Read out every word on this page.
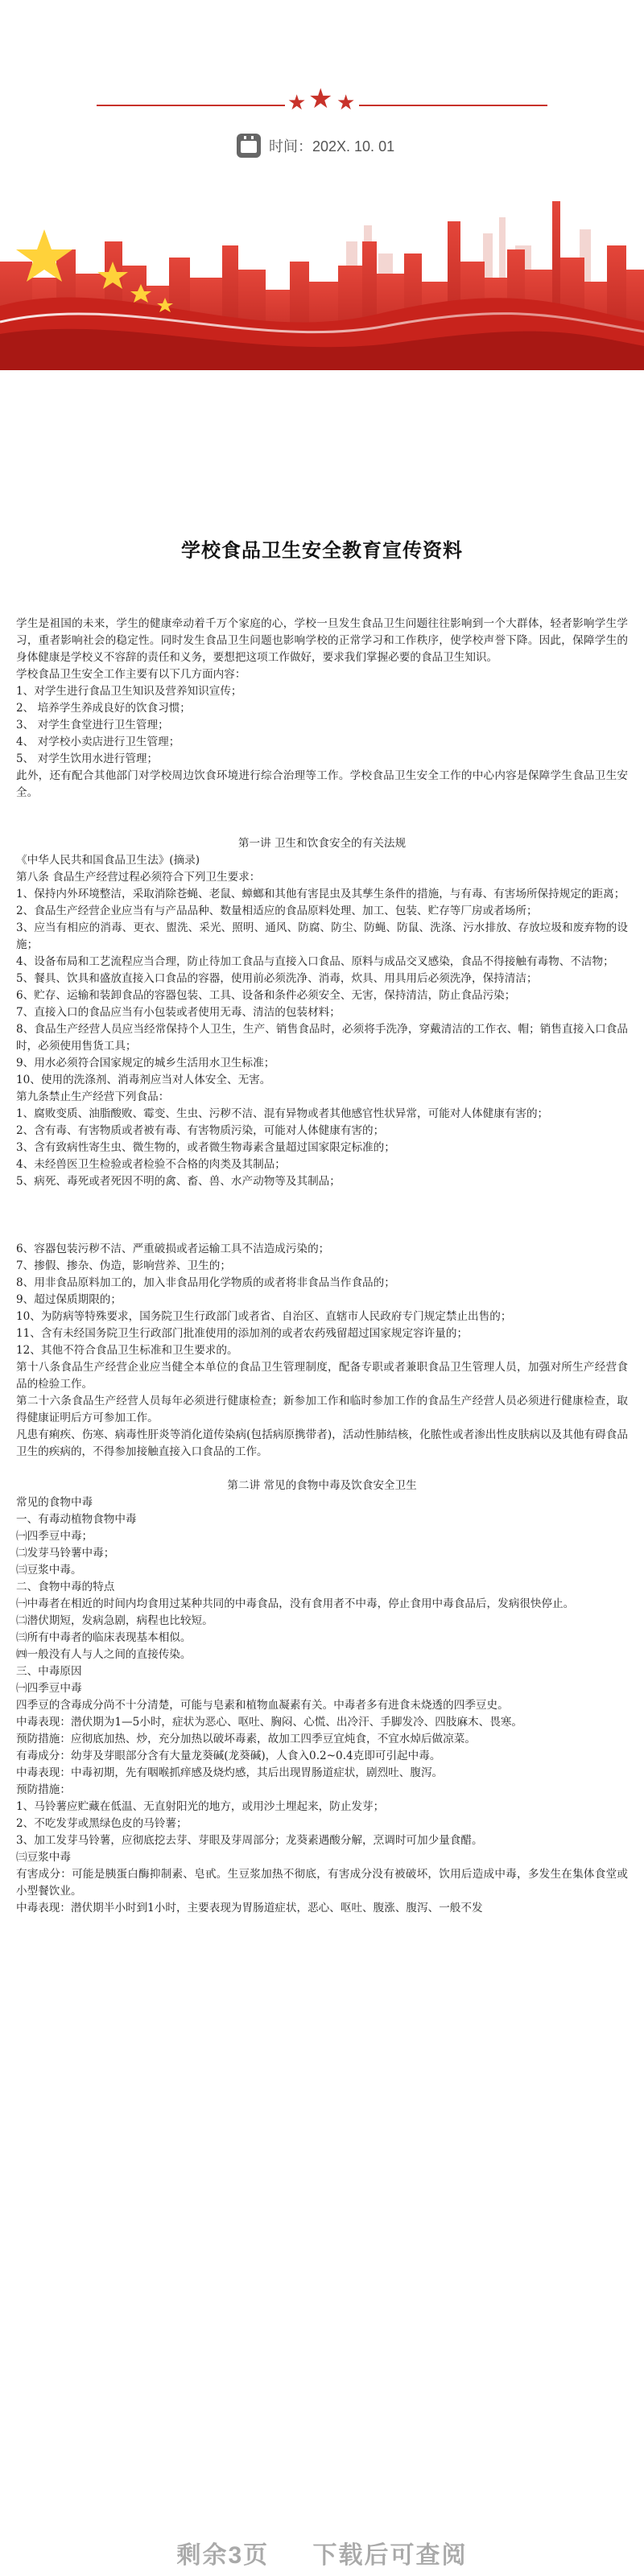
★ ★ ★
时间：202X. 10. 01
学校食品卫生安全教育宣传资料

学生是祖国的未来，学生的健康牵动着千万个家庭的心，学校一旦发生食品卫生问题往往影响到一个大群体，轻者影响学生学习，重者影响社会的稳定性。同时发生食品卫生问题也影响学校的正常学习和工作秩序，使学校声誉下降。因此，保障学生的身体健康是学校义不容辞的责任和义务，要想把这项工作做好，要求我们掌握必要的食品卫生知识。

学校食品卫生安全工作主要有以下几方面内容：

1、对学生进行食品卫生知识及营养知识宣传；

2、 培养学生养成良好的饮食习惯；

3、 对学生食堂进行卫生管理；

4、 对学校小卖店进行卫生管理；

5、 对学生饮用水进行管理；

此外，还有配合其他部门对学校周边饮食环境进行综合治理等工作。学校食品卫生安全工作的中心内容是保障学生食品卫生安全。

第一讲 卫生和饮食安全的有关法规

《中华人民共和国食品卫生法》(摘录)

第八条 食品生产经营过程必须符合下列卫生要求：

1、保持内外环境整洁，采取消除苍蝇、老鼠、蟑螂和其他有害昆虫及其孳生条件的措施，与有毒、有害场所保持规定的距离；

2、食品生产经营企业应当有与产品品种、数量相适应的食品原料处理、加工、包装、贮存等厂房或者场所；

3、应当有相应的消毒、更衣、盥洗、采光、照明、通风、防腐、防尘、防蝇、防鼠、洗涤、污水排放、存放垃圾和废弃物的设施；

4、设备布局和工艺流程应当合理，防止待加工食品与直接入口食品、原料与成品交叉感染，食品不得接触有毒物、不洁物；

5、餐具、饮具和盛放直接入口食品的容器，使用前必须洗净、消毒，炊具、用具用后必须洗净，保持清洁；

6、贮存、运输和装卸食品的容器包装、工具、设备和条件必须安全、无害，保持清洁，防止食品污染；

7、直接入口的食品应当有小包装或者使用无毒、清洁的包装材料；

8、食品生产经营人员应当经常保持个人卫生，生产、销售食品时，必须将手洗净，穿戴清洁的工作衣、帽；销售直接入口食品时，必须使用售货工具；

9、用水必须符合国家规定的城乡生活用水卫生标准；

10、使用的洗涤剂、消毒剂应当对人体安全、无害。

第九条禁止生产经营下列食品：

1、腐败变质、油脂酸败、霉变、生虫、污秽不洁、混有异物或者其他感官性状异常，可能对人体健康有害的；

2、含有毒、有害物质或者被有毒、有害物质污染，可能对人体健康有害的；

3、含有致病性寄生虫、微生物的，或者微生物毒素含量超过国家限定标准的；

4、未经兽医卫生检验或者检验不合格的肉类及其制品；

5、病死、毒死或者死因不明的禽、畜、兽、水产动物等及其制品；

6、容器包装污秽不洁、严重破损或者运输工具不洁造成污染的；

7、掺假、掺杂、伪造，影响营养、卫生的；

8、用非食品原料加工的，加入非食品用化学物质的或者将非食品当作食品的；

9、超过保质期限的；

10、为防病等特殊要求，国务院卫生行政部门或者省、自治区、直辖市人民政府专门规定禁止出售的；

11、含有未经国务院卫生行政部门批准使用的添加剂的或者农药残留超过国家规定容许量的；

12、其他不符合食品卫生标准和卫生要求的。

第十八条食品生产经营企业应当健全本单位的食品卫生管理制度，配备专职或者兼职食品卫生管理人员，加强对所生产经营食品的检验工作。

第二十六条食品生产经营人员每年必须进行健康检查；新参加工作和临时参加工作的食品生产经营人员必须进行健康检查，取得健康证明后方可参加工作。

凡患有痢疾、伤寒、病毒性肝炎等消化道传染病(包括病原携带者)，活动性肺结核，化脓性或者渗出性皮肤病以及其他有碍食品卫生的疾病的，不得参加接触直接入口食品的工作。

第二讲 常见的食物中毒及饮食安全卫生

常见的食物中毒

一、有毒动植物食物中毒

㈠四季豆中毒；

㈡发芽马铃薯中毒；

㈢豆浆中毒。

二、食物中毒的特点

㈠中毒者在相近的时间内均食用过某种共同的中毒食品，没有食用者不中毒，停止食用中毒食品后，发病很快停止。

㈡潜伏期短，发病急剧，病程也比较短。

㈢所有中毒者的临床表现基本相似。

㈣一般没有人与人之间的直接传染。

三、中毒原因

㈠四季豆中毒

四季豆的含毒成分尚不十分清楚，可能与皂素和植物血凝素有关。中毒者多有进食未烧透的四季豆史。

中毒表现：潜伏期为1—5小时，症状为恶心、呕吐、胸闷、心慌、出冷汗、手脚发冷、四肢麻木、畏寒。

预防措施：应彻底加热、炒，充分加热以破坏毒素，故加工四季豆宜炖食，不宜水焯后做凉菜。

有毒成分：幼芽及芽眼部分含有大量龙葵碱(龙葵碱)，人食入0.2~0.4克即可引起中毒。

中毒表现：中毒初期，先有咽喉抓痒感及烧灼感，其后出现胃肠道症状，剧烈吐、腹泻。

预防措施：

1、马铃薯应贮藏在低温、无直射阳光的地方，或用沙土埋起来，防止发芽；

2、不吃发芽或黑绿色皮的马铃薯；

3、加工发芽马铃薯，应彻底挖去芽、芽眼及芽周部分；龙葵素遇酸分解，烹调时可加少量食醋。

㈢豆浆中毒

有害成分：可能是胰蛋白酶抑制素、皂甙。生豆浆加热不彻底，有害成分没有被破坏，饮用后造成中毒，多发生在集体食堂或小型餐饮业。

中毒表现：潜伏期半小时到1小时，主要表现为胃肠道症状，恶心、呕吐、腹涨、腹泻、一般不发

剩余3页 下载后可查阅
